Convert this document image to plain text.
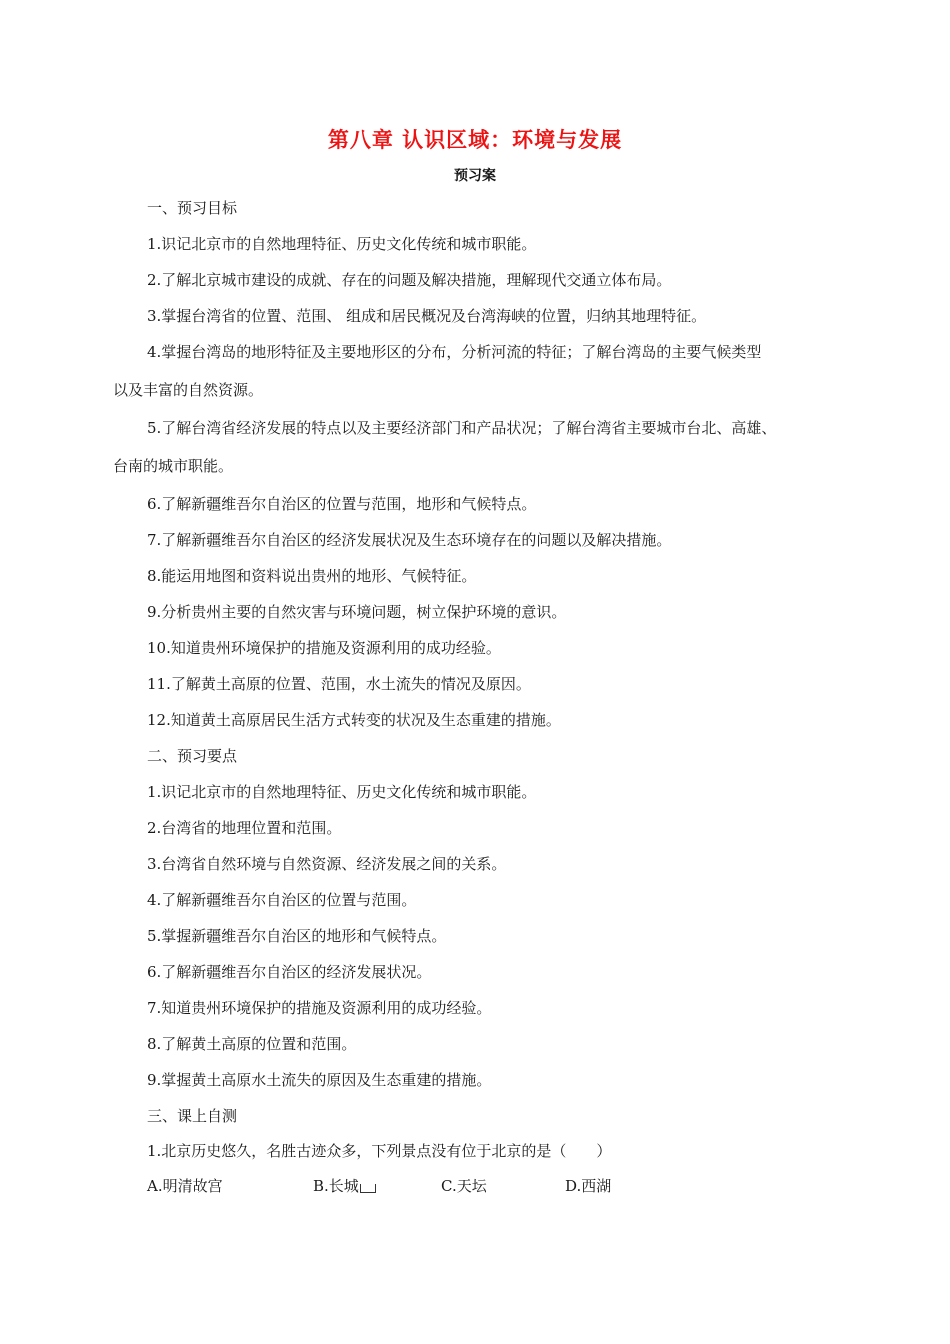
第八章 认识区域：环境与发展
预习案
一、预习目标
1.识记北京市的自然地理特征、历史文化传统和城市职能。
2.了解北京城市建设的成就、存在的问题及解决措施，理解现代交通立体布局。
3.掌握台湾省的位置、范围、 组成和居民概况及台湾海峡的位置，归纳其地理特征。
4.掌握台湾岛的地形特征及主要地形区的分布，分析河流的特征；了解台湾岛的主要气候类型
以及丰富的自然资源。
5.了解台湾省经济发展的特点以及主要经济部门和产品状况；了解台湾省主要城市台北、高雄、
台南的城市职能。
6.了解新疆维吾尔自治区的位置与范围，地形和气候特点。
7.了解新疆维吾尔自治区的经济发展状况及生态环境存在的问题以及解决措施。
8.能运用地图和资料说出贵州的地形、气候特征。
9.分析贵州主要的自然灾害与环境问题，树立保护环境的意识。
10.知道贵州环境保护的措施及资源利用的成功经验。
11.了解黄土高原的位置、范围，水土流失的情况及原因。
12.知道黄土高原居民生活方式转变的状况及生态重建的措施。
二、预习要点
1.识记北京市的自然地理特征、历史文化传统和城市职能。
2.台湾省的地理位置和范围。
3.台湾省自然环境与自然资源、经济发展之间的关系。
4.了解新疆维吾尔自治区的位置与范围。
5.掌握新疆维吾尔自治区的地形和气候特点。
6.了解新疆维吾尔自治区的经济发展状况。
7.知道贵州环境保护的措施及资源利用的成功经验。
8.了解黄土高原的位置和范围。
9.掌握黄土高原水土流失的原因及生态重建的措施。
三、课上自测
1.北京历史悠久，名胜古迹众多，下列景点没有位于北京的是（　　）
A.明清故宫	B.长城	C.天坛	D.西湖
